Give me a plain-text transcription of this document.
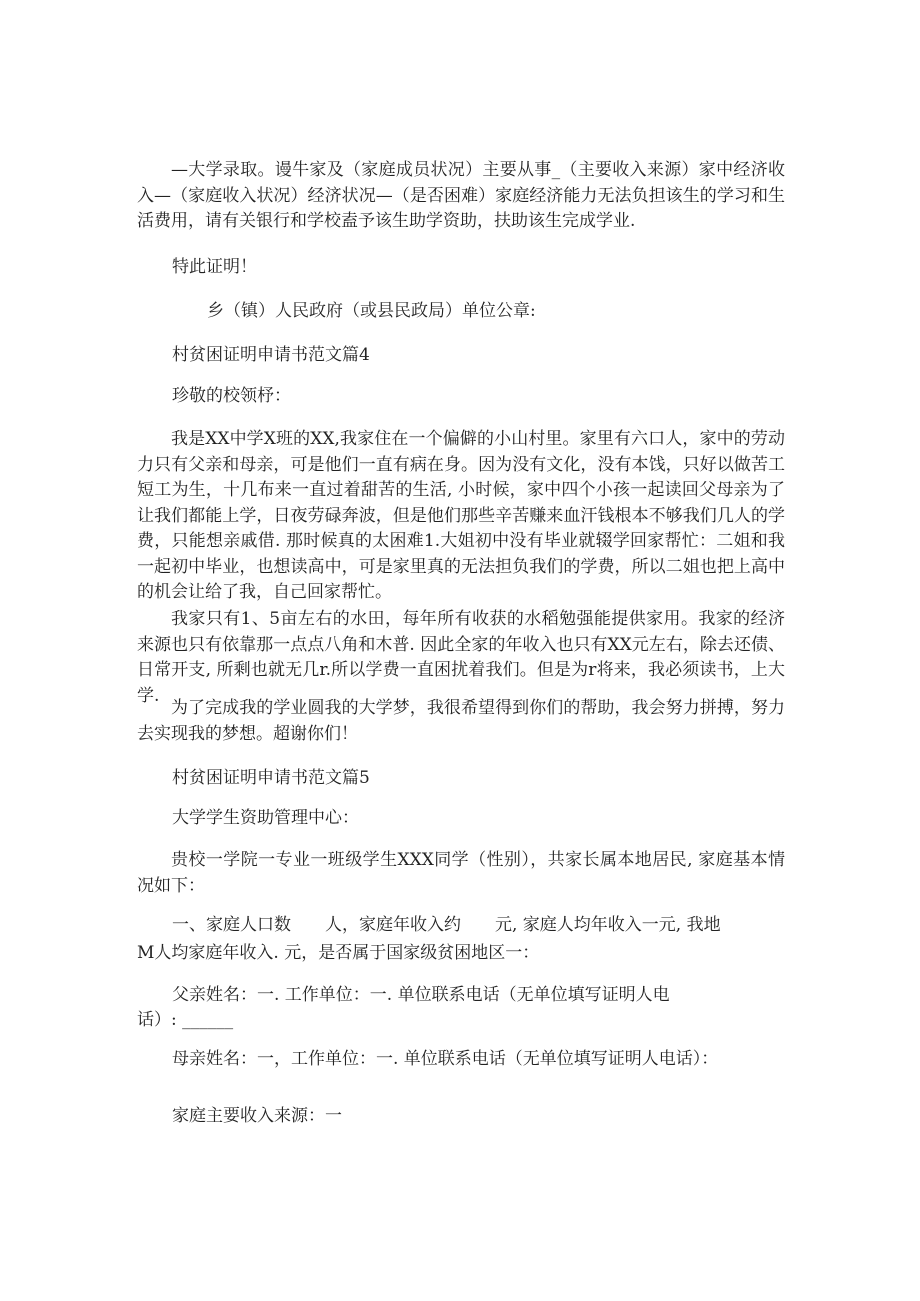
—大学录取。谩牛家及（家庭成员状况）主要从事_（主要收入来源）家中经济收入—（家庭收入状况）经济状况—（是否困难）家庭经济能力无法负担该生的学习和生活费用，请有关银行和学校盍予该生助学资助，扶助该生完成学业.
特此证明！
乡（镇）人民政府（或县民政局）单位公章:
村贫困证明申请书范文篇4
珍敬的校领杼：
我是XX中学X班的XX,我家住在一个偏僻的小山村里。家里有六口人，家中的劳动力只有父亲和母亲，可是他们一直有病在身。因为没有文化，没有本饯，只好以做苦工短工为生，十几布来一直过着甜苦的生活, 小时候，家中四个小孩一起读回父母亲为了让我们都能上学，日夜劳碌奔波，但是他们那些辛苦赚来血汗钱根本不够我们几人的学费，只能想亲戚借. 那时候真的太困难1.大姐初中没有毕业就辍学回家帮忙：二姐和我一起初中毕业，也想读高中，可是家里真的无法担负我们的学费，所以二姐也把上高中的机会让给了我，自己回家帮忙。
我家只有1、5亩左右的水田，每年所有收获的水稻勉强能提供家用。我家的经济来源也只有依靠那一点点八角和木普. 因此全家的年收入也只有XX元左右，除去还债、日常开支, 所剩也就无几r.所以学费一直困扰着我们。但是为r将来，我必须读书，上大学.
为了完成我的学业圆我的大学梦，我很希望得到你们的帮助，我会努力拼搏，努力去实现我的梦想。超谢你们！
村贫困证明申请书范文篇5
大学学生资助管理中心：
贵校一学院一专业一班级学生XXX同学（性别），共家长属本地居民, 家庭基本情况如下：
一、家庭人口数　　人，家庭年收入约　　元, 家庭人均年收入一元, 我地
M人均家庭年收入. 元，是否属于国家级贫困地区一：
父亲姓名：一. 工作单位：一. 单位联系电话（无单位填写证明人电
话）: ______
母亲姓名：一，工作单位：一. 单位联系电话（无单位填写证明人电话）：
家庭主要收入来源：一
